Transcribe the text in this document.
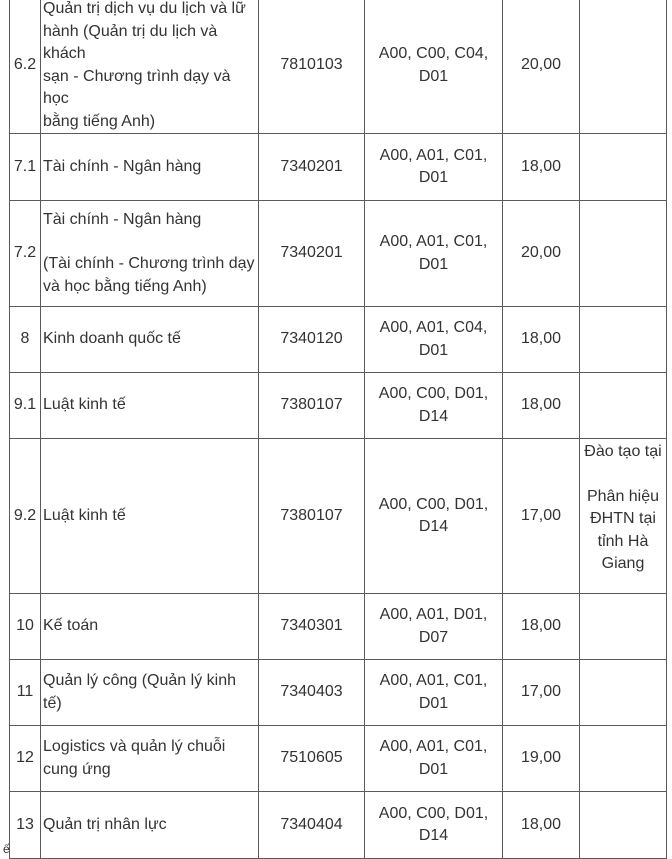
6.2	Quản trị dịch vụ du lịch và lữ
hành (Quản trị du lịch và khách
sạn - Chương trình dạy và học
bằng tiếng Anh)	7810103	A00, C00, C04,
D01	20,00	
7.1	Tài chính - Ngân hàng	7340201	A00, A01, C01,
D01	18,00	
7.2	Tài chính - Ngân hàng
(Tài chính - Chương trình dạy
và học bằng tiếng Anh)	7340201	A00, A01, C01,
D01	20,00	
8	Kinh doanh quốc tế	7340120	A00, A01, C04,
D01	18,00	
9.1	Luật kinh tế	7380107	A00, C00, D01,
D14	18,00	
9.2	Luật kinh tế	7380107	A00, C00, D01,
D14	17,00	Đào tạo tại
Phân hiệu
ĐHTN tại
tỉnh Hà
Giang

10	Kế toán	7340301	A00, A01, D01,
D07	18,00	
11	Quản lý công (Quản lý kinh tế)	7340403	A00, A01, C01,
D01	17,00	
12	Logistics và quản lý chuỗi
cung ứng	7510605	A00, A01, C01,
D01	19,00	
13	Quản trị nhân lực	7340404	A00, C00, D01,
D14	18,00	
ế
